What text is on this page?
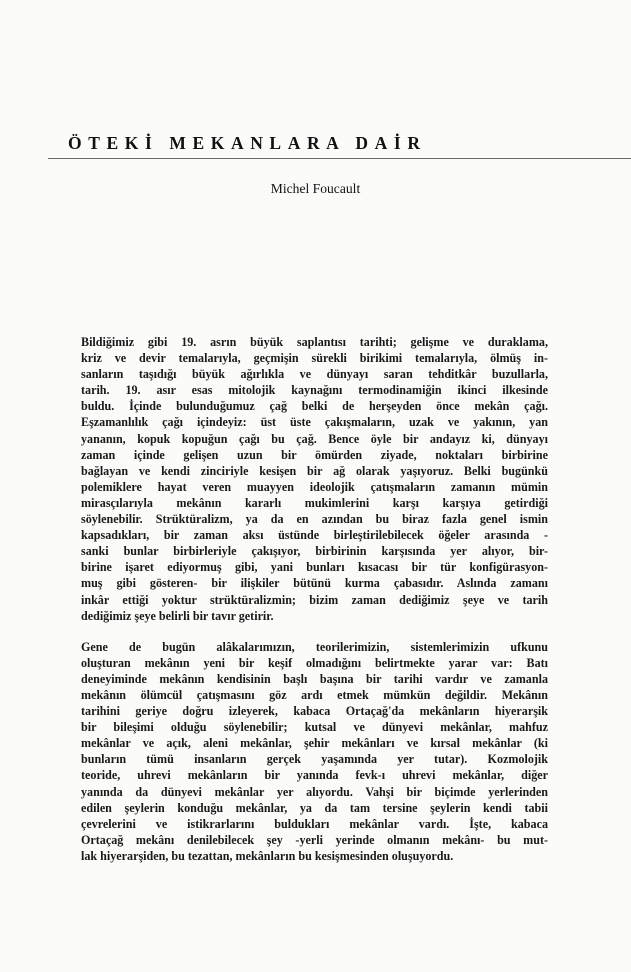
ÖTEKİ MEKANLARA DAİR
Michel Foucault

Bildiğimiz gibi 19. asrın büyük saplantısı tarihti; gelişme ve duraklama,
kriz ve devir temalarıyla, geçmişin sürekli birikimi temalarıyla, ölmüş in-
sanların taşıdığı büyük ağırlıkla ve dünyayı saran tehditkâr buzullarla,
tarih. 19. asır esas mitolojik kaynağını termodinamiğin ikinci ilkesinde
buldu. İçinde bulunduğumuz çağ belki de herşeyden önce mekân çağı.
Eşzamanlılık çağı içindeyiz: üst üste çakışmaların, uzak ve yakının, yan
yananın, kopuk kopuğun çağı bu çağ. Bence öyle bir andayız ki, dünyayı
zaman içinde gelişen uzun bir ömürden ziyade, noktaları birbirine
bağlayan ve kendi zinciriyle kesişen bir ağ olarak yaşıyoruz. Belki bugünkü
polemiklere hayat veren muayyen ideolojik çatışmaların zamanın mümin
mirasçılarıyla mekânın kararlı mukimlerini karşı karşıya getirdiği
söylenebilir. Strüktüralizm, ya da en azından bu biraz fazla genel ismin
kapsadıkları, bir zaman aksı üstünde birleştirilebilecek öğeler arasında -
sanki bunlar birbirleriyle çakışıyor, birbirinin karşısında yer alıyor, bir-
birine işaret ediyormuş gibi, yani bunları kısacası bir tür konfigürasyon-
muş gibi gösteren- bir ilişkiler bütünü kurma çabasıdır. Aslında zamanı
inkâr ettiği yoktur strüktüralizmin; bizim zaman dediğimiz şeye ve tarih
dediğimiz şeye belirli bir tavır getirir.

Gene de bugün alâkalarımızın, teorilerimizin, sistemlerimizin ufkunu
oluşturan mekânın yeni bir keşif olmadığını belirtmekte yarar var: Batı
deneyiminde mekânın kendisinin başlı başına bir tarihi vardır ve zamanla
mekânın ölümcül çatışmasını göz ardı etmek mümkün değildir. Mekânın
tarihini geriye doğru izleyerek, kabaca Ortaçağ'da mekânların hiyerarşik
bir bileşimi olduğu söylenebilir; kutsal ve dünyevi mekânlar, mahfuz
mekânlar ve açık, aleni mekânlar, şehir mekânları ve kırsal mekânlar (ki
bunların tümü insanların gerçek yaşamında yer tutar). Kozmolojik
teoride, uhrevi mekânların bir yanında fevk-ı uhrevi mekânlar, diğer
yanında da dünyevi mekânlar yer alıyordu. Vahşi bir biçimde yerlerinden
edilen şeylerin konduğu mekânlar, ya da tam tersine şeylerin kendi tabii
çevrelerini ve istikrarlarını buldukları mekânlar vardı. İşte, kabaca
Ortaçağ mekânı denilebilecek şey -yerli yerinde olmanın mekânı- bu mut-
lak hiyerarşiden, bu tezattan, mekânların bu kesişmesinden oluşuyordu.
